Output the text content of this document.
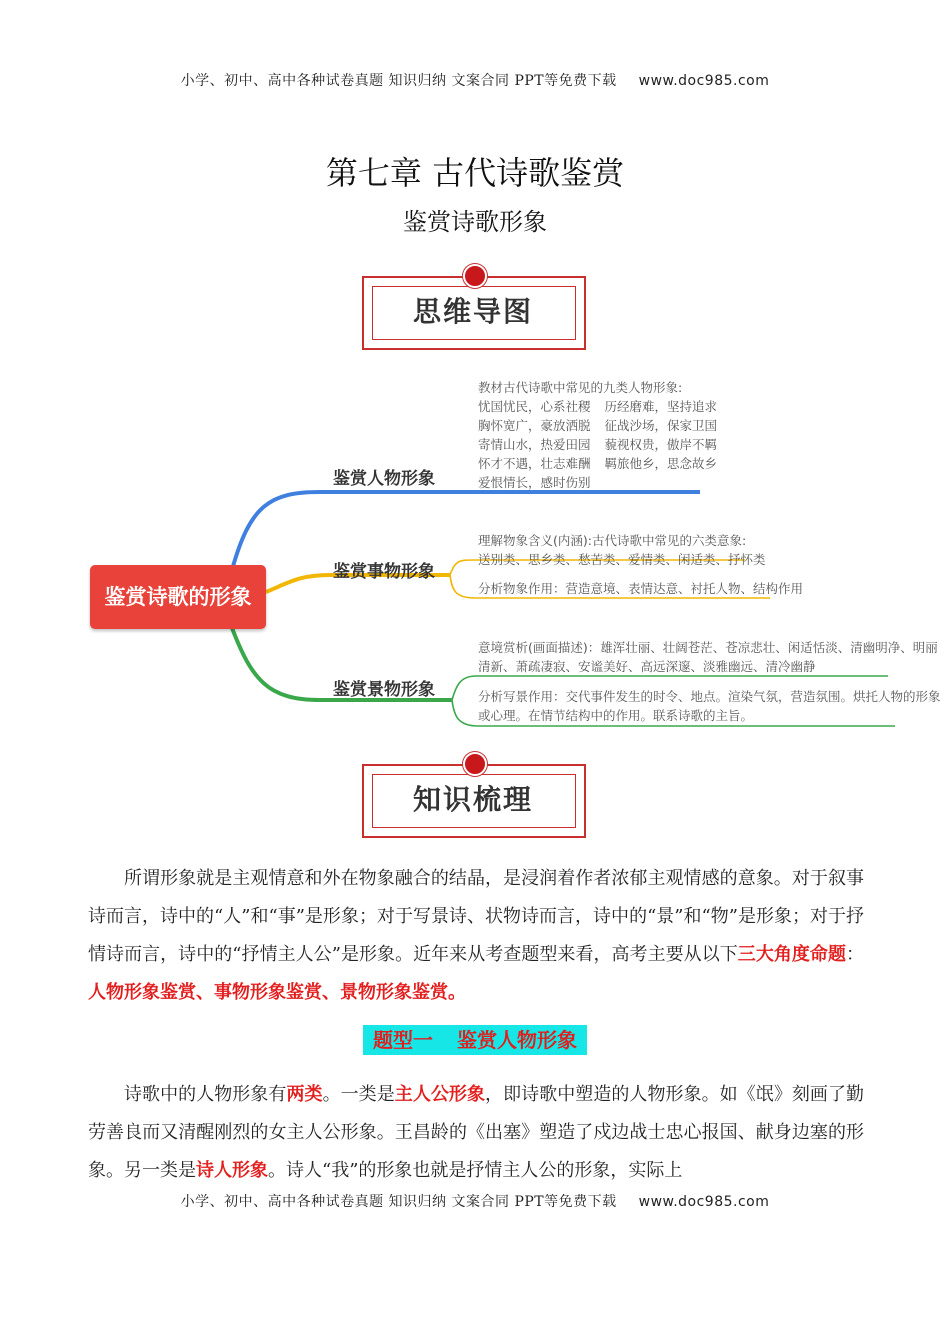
小学、初中、高中各种试卷真题 知识归纳 文案合同 PPT等免费下载 www.doc985.com
第七章 古代诗歌鉴赏
鉴赏诗歌形象
思维导图
鉴赏诗歌的形象
鉴赏人物形象
教材古代诗歌中常见的九类人物形象:
忧国忧民，心系社稷 历经磨难，坚持追求
胸怀宽广，豪放洒脱 征战沙场，保家卫国
寄情山水，热爱田园 藐视权贵，傲岸不羁
怀才不遇，壮志难酬 羁旅他乡，思念故乡
爱恨情长，感时伤别
鉴赏事物形象
理解物象含义(内涵):古代诗歌中常见的六类意象:
送别类、思乡类、愁苦类、爱情类、闲适类、抒怀类
分析物象作用：营造意境、表情达意、衬托人物、结构作用
鉴赏景物形象
意境赏析(画面描述)：雄浑壮丽、壮阔苍茫、苍凉悲壮、闲适恬淡、清幽明净、明丽
清新、萧疏凄寂、安谧美好、高远深邃、淡雅幽远、清冷幽静
分析写景作用：交代事件发生的时令、地点。渲染气氛，营造氛围。烘托人物的形象
或心理。在情节结构中的作用。联系诗歌的主旨。
知识梳理
所谓形象就是主观情意和外在物象融合的结晶，是浸润着作者浓郁主观情感的意象。对于叙事诗而言，诗中的“人”和“事”是形象；对于写景诗、状物诗而言，诗中的“景”和“物”是形象；对于抒情诗而言，诗中的“抒情主人公”是形象。近年来从考查题型来看，高考主要从以下三大角度命题：人物形象鉴赏、事物形象鉴赏、景物形象鉴赏。
题型一 鉴赏人物形象
诗歌中的人物形象有两类。一类是主人公形象，即诗歌中塑造的人物形象。如《氓》刻画了勤劳善良而又清醒刚烈的女主人公形象。王昌龄的《出塞》塑造了戍边战士忠心报国、献身边塞的形象。另一类是诗人形象。诗人“我”的形象也就是抒情主人公的形象，实际上
小学、初中、高中各种试卷真题 知识归纳 文案合同 PPT等免费下载 www.doc985.com
